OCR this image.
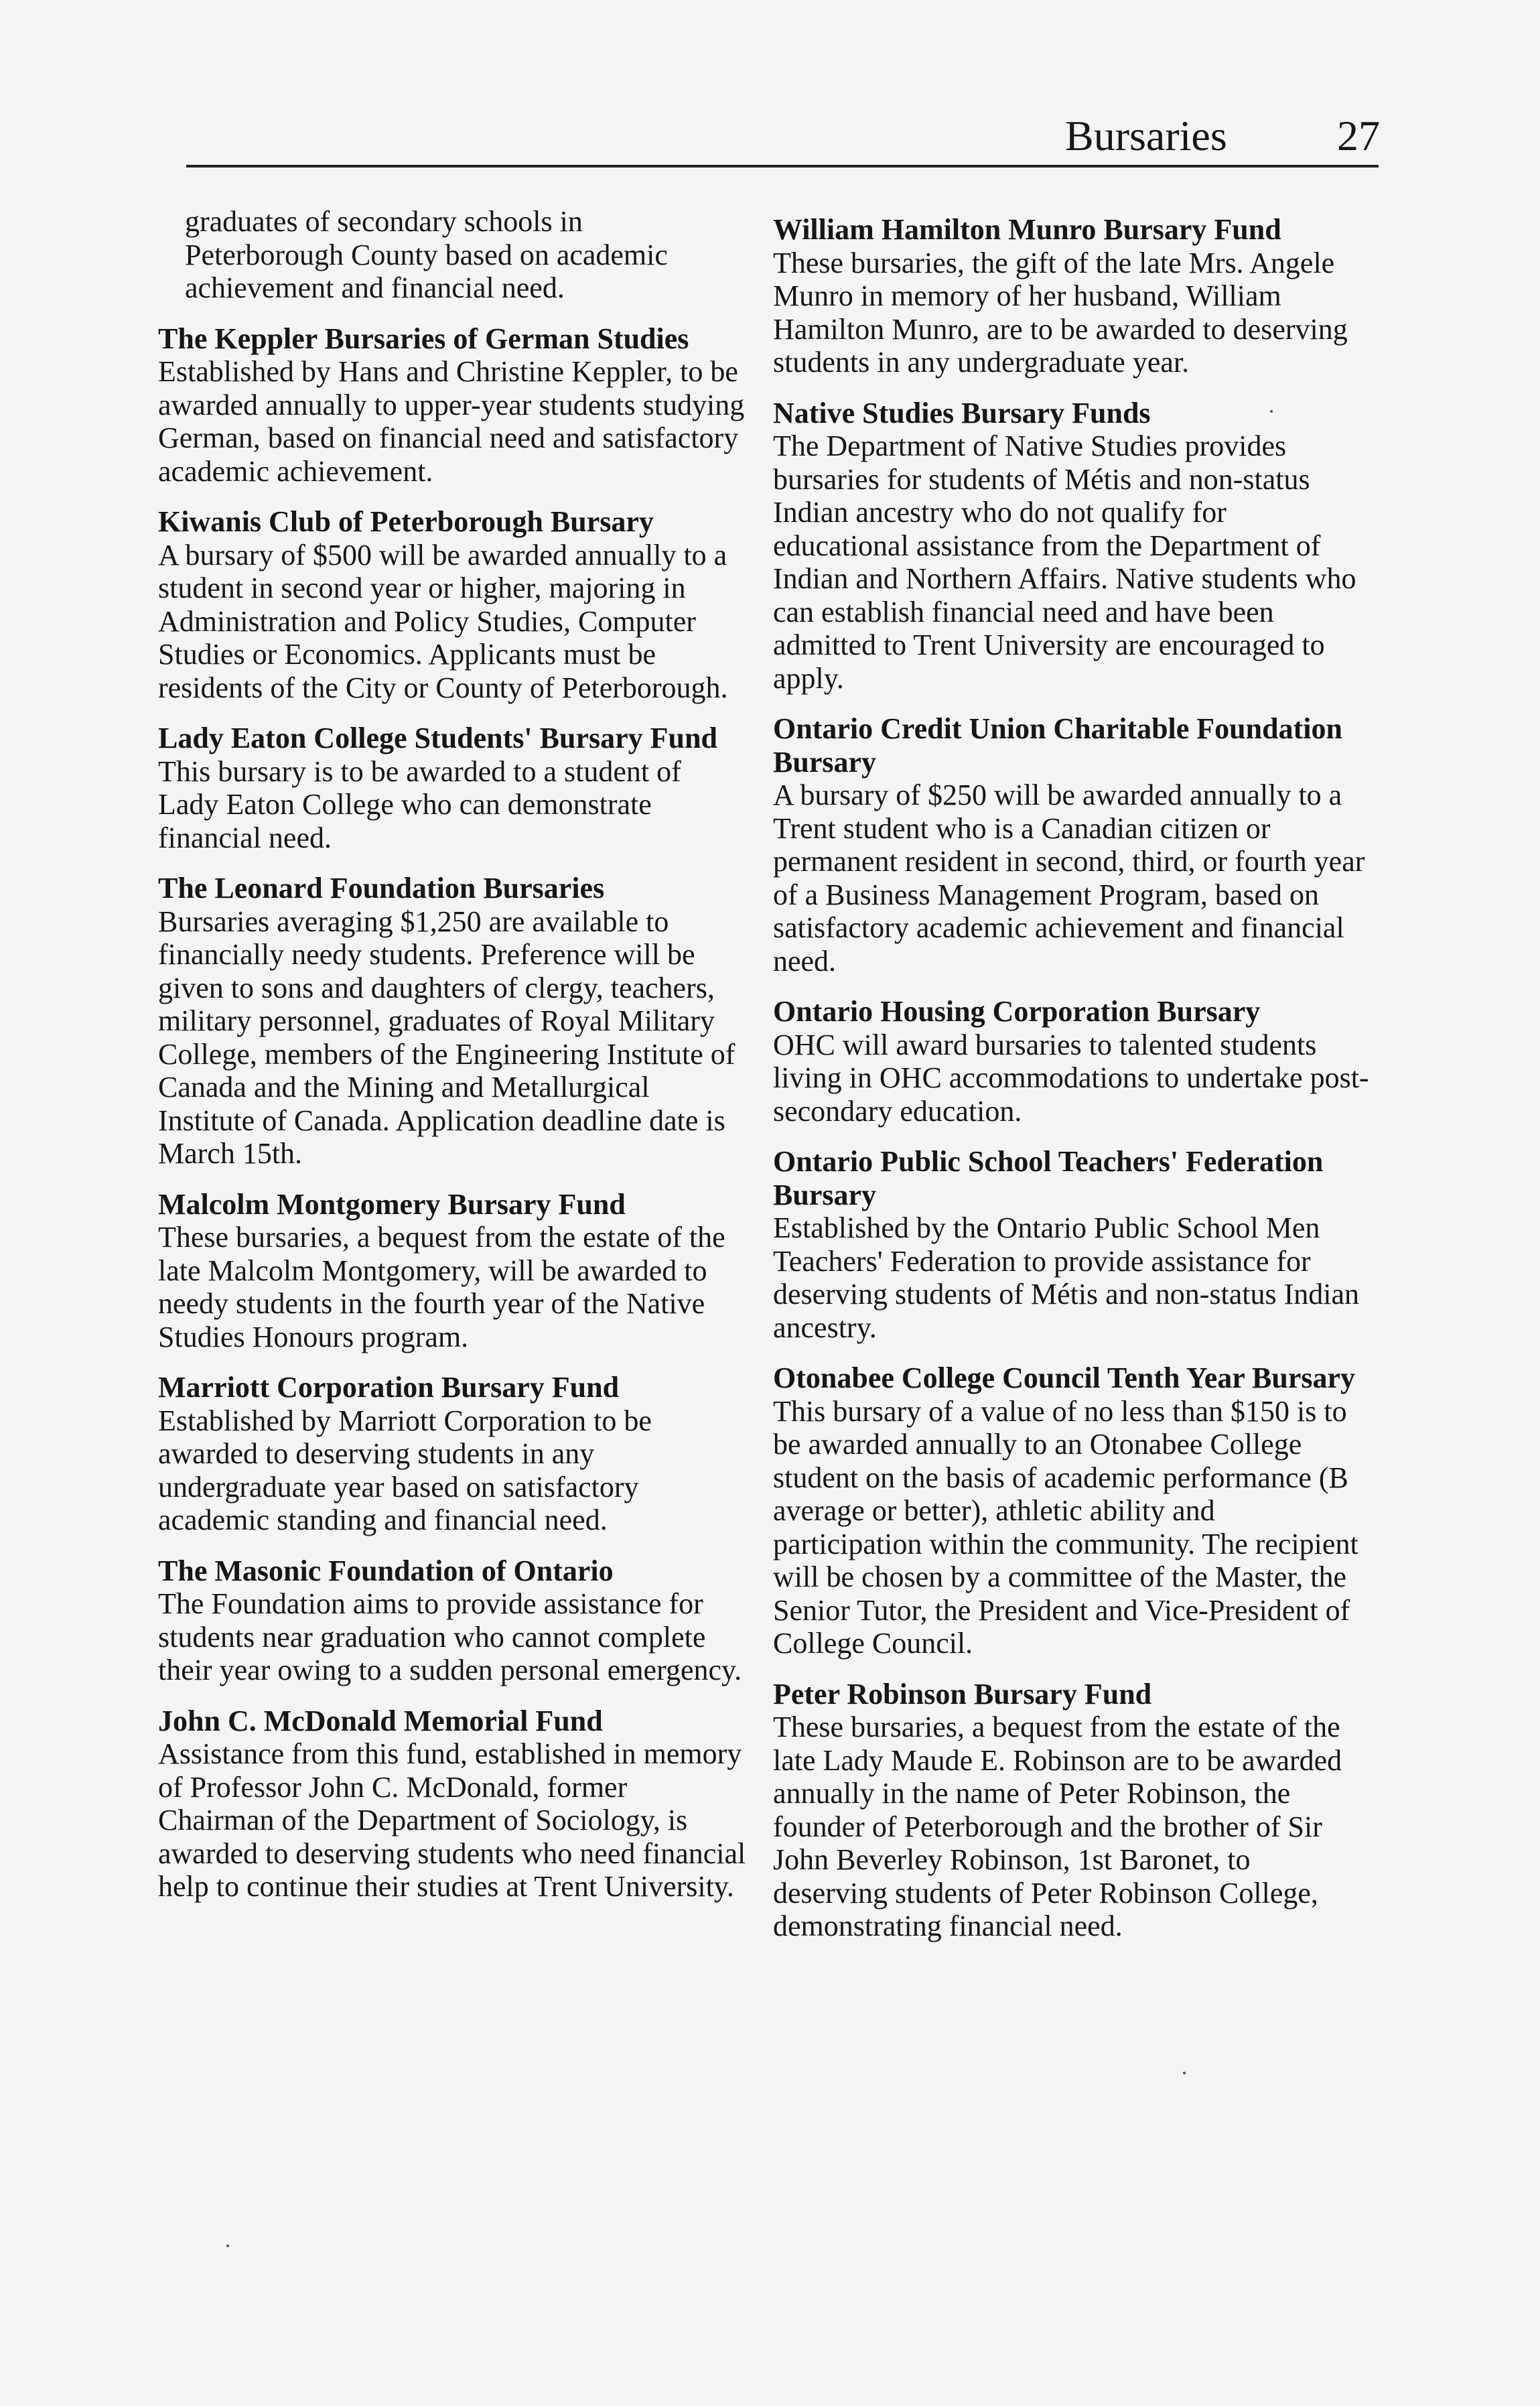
Bursaries	27

graduates of secondary schools in Peterborough County based on academic achievement and financial need.

The Keppler Bursaries of German Studies

Established by Hans and Christine Keppler, to be awarded annually to upper-year students studying German, based on financial need and satisfactory academic achievement.

Kiwanis Club of Peterborough Bursary

A bursary of $500 will be awarded annually to a student in second year or higher, majoring in Administration and Policy Studies, Computer Studies or Economics. Applicants must be residents of the City or County of Peterborough.

Lady Eaton College Students' Bursary Fund

This bursary is to be awarded to a student of Lady Eaton College who can demonstrate financial need.

The Leonard Foundation Bursaries

Bursaries averaging $1,250 are available to financially needy students. Preference will be given to sons and daughters of clergy, teachers, military personnel, graduates of Royal Military College, members of the Engineering Institute of Canada and the Mining and Metallurgical Institute of Canada. Application deadline date is March 15th.

Malcolm Montgomery Bursary Fund

These bursaries, a bequest from the estate of the late Malcolm Montgomery, will be awarded to needy students in the fourth year of the Native Studies Honours program.

Marriott Corporation Bursary Fund

Established by Marriott Corporation to be awarded to deserving students in any undergraduate year based on satisfactory academic standing and financial need.

The Masonic Foundation of Ontario

The Foundation aims to provide assistance for students near graduation who cannot complete their year owing to a sudden personal emergency.

John C. McDonald Memorial Fund

Assistance from this fund, established in memory of Professor John C. McDonald, former Chairman of the Department of Sociology, is awarded to deserving students who need financial help to continue their studies at Trent University.

William Hamilton Munro Bursary Fund

These bursaries, the gift of the late Mrs. Angele Munro in memory of her husband, William Hamilton Munro, are to be awarded to deserving students in any undergraduate year.

Native Studies Bursary Funds

The Department of Native Studies provides bursaries for students of Métis and non-status Indian ancestry who do not qualify for educational assistance from the Department of Indian and Northern Affairs. Native students who can establish financial need and have been admitted to Trent University are encouraged to apply.

Ontario Credit Union Charitable Foundation Bursary

A bursary of $250 will be awarded annually to a Trent student who is a Canadian citizen or permanent resident in second, third, or fourth year of a Business Management Program, based on satisfactory academic achievement and financial need.

Ontario Housing Corporation Bursary

OHC will award bursaries to talented students living in OHC accommodations to undertake post-secondary education.

Ontario Public School Teachers' Federation Bursary

Established by the Ontario Public School Men Teachers' Federation to provide assistance for deserving students of Métis and non-status Indian ancestry.

Otonabee College Council Tenth Year Bursary

This bursary of a value of no less than $150 is to be awarded annually to an Otonabee College student on the basis of academic performance (B average or better), athletic ability and participation within the community. The recipient will be chosen by a committee of the Master, the Senior Tutor, the President and Vice-President of College Council.

Peter Robinson Bursary Fund

These bursaries, a bequest from the estate of the late Lady Maude E. Robinson are to be awarded annually in the name of Peter Robinson, the founder of Peterborough and the brother of Sir John Beverley Robinson, 1st Baronet, to deserving students of Peter Robinson College, demonstrating financial need.
